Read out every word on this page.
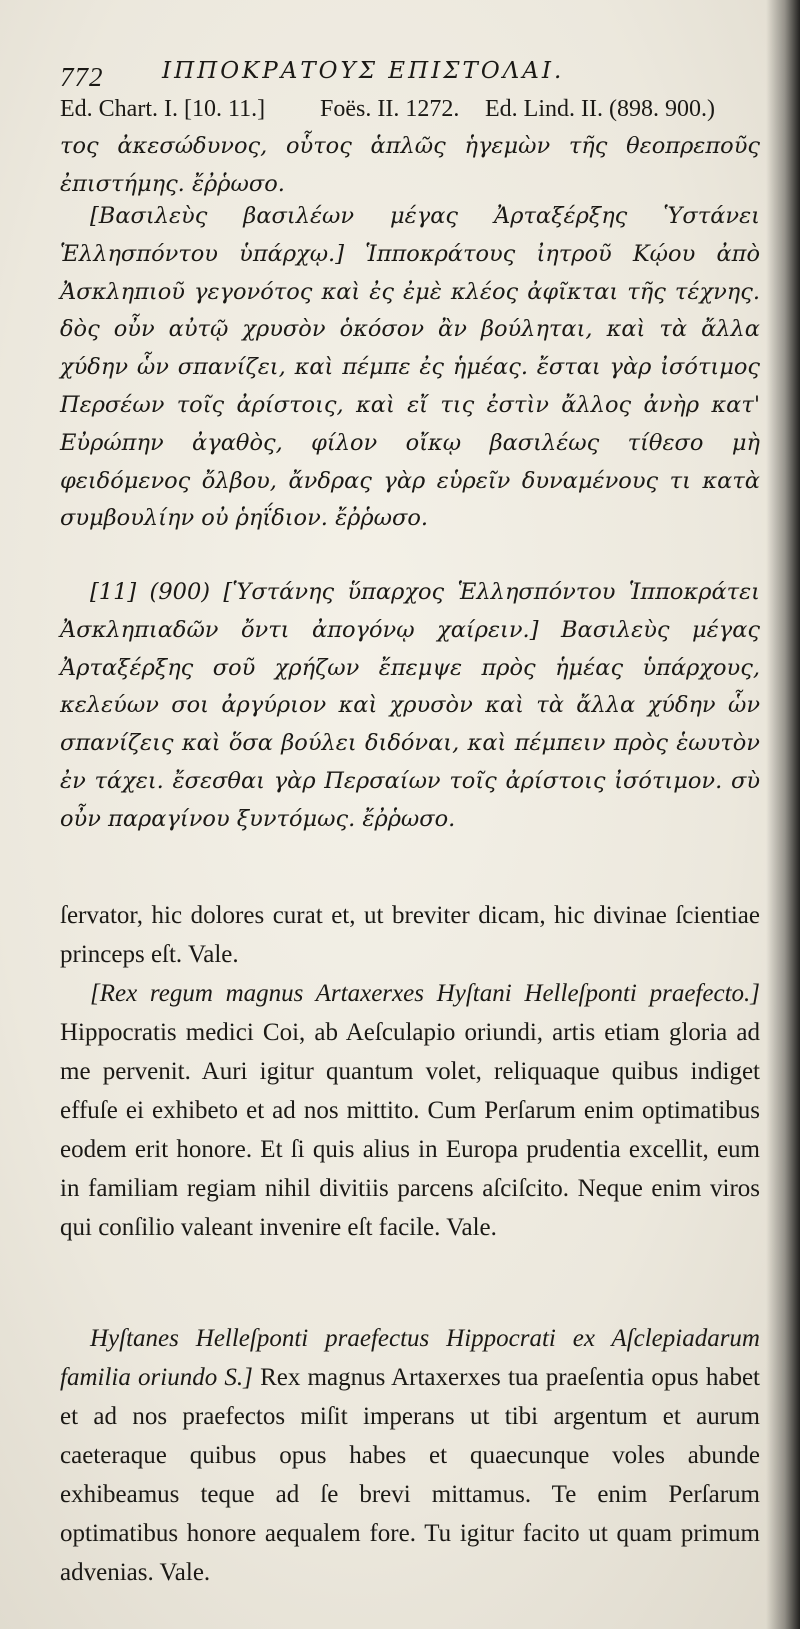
772	ΙΠΠΟΚΡΑΤΟΥΣ ΕΠΙΣΤΟΛΑΙ.
Ed. Chart. I. [10. 11.] Foës. II. 1272. Ed. Lind. II. (898. 900.)

τος ἀκεσώδυνος, οὗτος ἁπλῶς ἡγεμὼν τῆς θεοπρεποῦς ἐπιστήμης. ἔῤῥωσο.

[Βασιλεὺς βασιλέων μέγας Ἀρταξέρξης Ὑστάνει Ἑλλησπόντου ὑπάρχῳ.] Ἱπποκράτους ἰητροῦ Κῴου ἀπὸ Ἀσκληπιοῦ γεγονότος καὶ ἐς ἐμὲ κλέος ἀφῖκται τῆς τέχνης. δὸς οὖν αὐτῷ χρυσὸν ὁκόσον ἂν βούληται, καὶ τὰ ἄλλα χύδην ὧν σπανίζει, καὶ πέμπε ἐς ἡμέας. ἔσται γὰρ ἰσότιμος Περσέων τοῖς ἀρίστοις, καὶ εἴ τις ἐστὶν ἄλλος ἀνὴρ κατ' Εὐρώπην ἀγαθὸς, φίλον οἴκῳ βασιλέως τίθεσο μὴ φειδόμενος ὄλβου, ἄνδρας γὰρ εὑρεῖν δυναμένους τι κατὰ συμβουλίην οὐ ῥηΐδιον. ἔῤῥωσο.

[11] (900) [Ὑστάνης ὕπαρχος Ἑλλησπόντου Ἱπποκράτει Ἀσκληπιαδῶν ὄντι ἀπογόνῳ χαίρειν.] Βασιλεὺς μέγας Ἀρταξέρξης σοῦ χρήζων ἔπεμψε πρὸς ἡμέας ὑπάρχους, κελεύων σοι ἀργύριον καὶ χρυσὸν καὶ τὰ ἄλλα χύδην ὧν σπανίζεις καὶ ὅσα βούλει διδόναι, καὶ πέμπειν πρὸς ἑωυτὸν ἐν τάχει. ἔσεσθαι γὰρ Περσαίων τοῖς ἀρίστοις ἰσότιμον. σὺ οὖν παραγίνου ξυντόμως. ἔῤῥωσο.

ſervator, hic dolores curat et, ut breviter dicam, hic divinae ſcientiae princeps eſt. Vale.

[Rex regum magnus Artaxerxes Hyſtani Helleſponti praefecto.] Hippocratis medici Coi, ab Aeſculapio oriundi, artis etiam gloria ad me pervenit. Auri igitur quantum volet, reliquaque quibus indiget effuſe ei exhibeto et ad nos mittito. Cum Perſarum enim optimatibus eodem erit honore. Et ſi quis alius in Europa prudentia excellit, eum in familiam regiam nihil divitiis parcens aſciſcito. Neque enim viros qui conſilio valeant invenire eſt facile. Vale.

Hyſtanes Helleſponti praefectus Hippocrati ex Aſclepiadarum familia oriundo S.] Rex magnus Artaxerxes tua praeſentia opus habet et ad nos praefectos miſit imperans ut tibi argentum et aurum caeteraque quibus opus habes et quaecunque voles abunde exhibeamus teque ad ſe brevi mittamus. Te enim Perſarum optimatibus honore aequalem fore. Tu igitur facito ut quam primum advenias. Vale.
